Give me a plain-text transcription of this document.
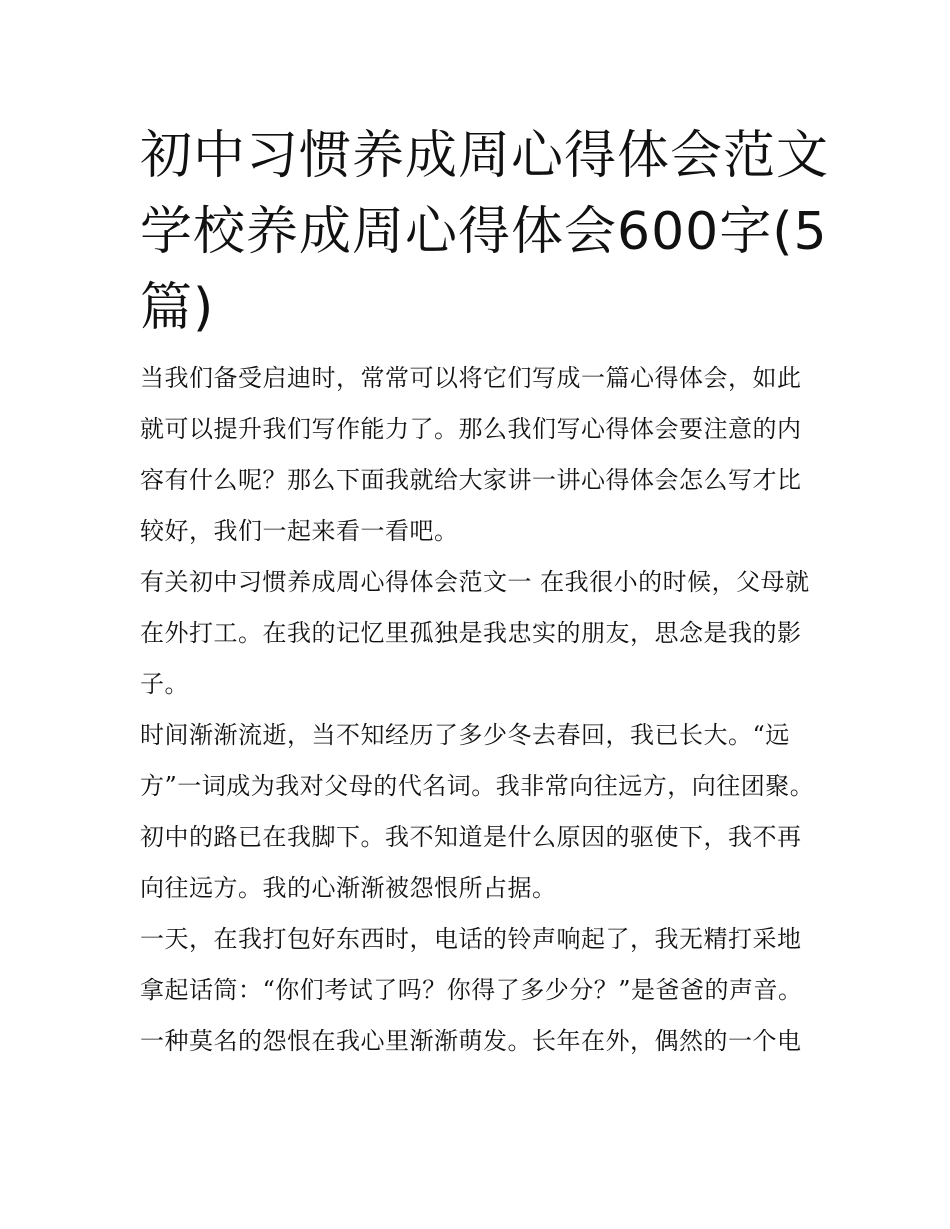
初中习惯养成周心得体会范文学校养成周心得体会600字(5篇)

当我们备受启迪时，常常可以将它们写成一篇心得体会，如此就可以提升我们写作能力了。那么我们写心得体会要注意的内容有什么呢？那么下面我就给大家讲一讲心得体会怎么写才比较好，我们一起来看一看吧。

有关初中习惯养成周心得体会范文一 在我很小的时候，父母就在外打工。在我的记忆里孤独是我忠实的朋友，思念是我的影子。

时间渐渐流逝，当不知经历了多少冬去春回，我已长大。“远方”一词成为我对父母的代名词。我非常向往远方，向往团聚。

初中的路已在我脚下。我不知道是什么原因的驱使下，我不再向往远方。我的心渐渐被怨恨所占据。

一天，在我打包好东西时，电话的铃声响起了，我无精打采地拿起话筒：“你们考试了吗？你得了多少分？”是爸爸的声音。一种莫名的怨恨在我心里渐渐萌发。长年在外，偶然的一个电
